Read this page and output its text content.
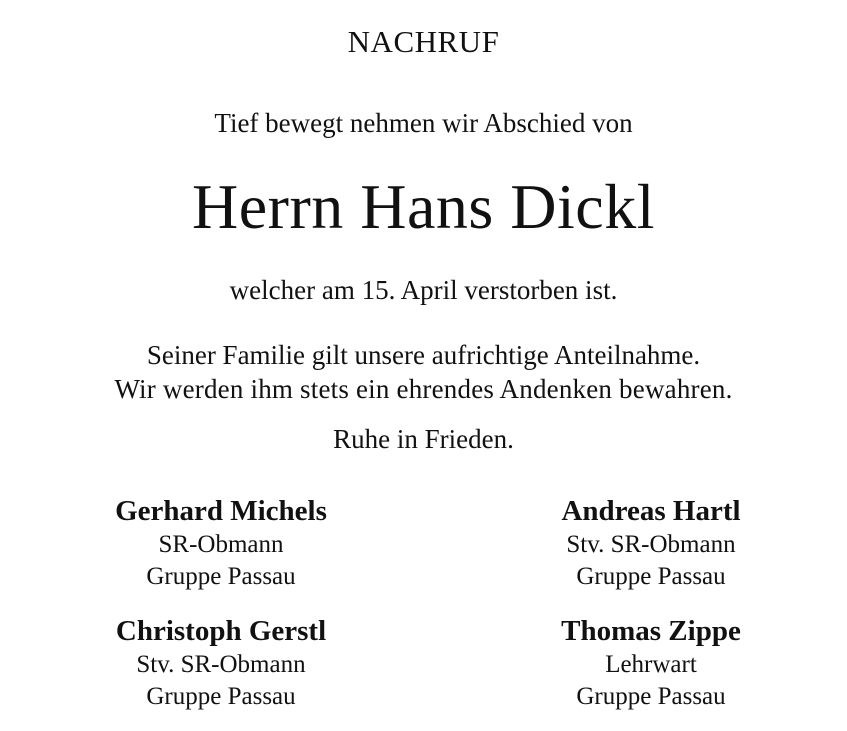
NACHRUF
Tief bewegt nehmen wir Abschied von
Herrn Hans Dickl
welcher am 15. April verstorben ist.
Seiner Familie gilt unsere aufrichtige Anteilnahme.
Wir werden ihm stets ein ehrendes Andenken bewahren.
Ruhe in Frieden.
Gerhard Michels
SR-Obmann
Gruppe Passau
Andreas Hartl
Stv. SR-Obmann
Gruppe Passau
Christoph Gerstl
Stv. SR-Obmann
Gruppe Passau
Thomas Zippe
Lehrwart
Gruppe Passau
